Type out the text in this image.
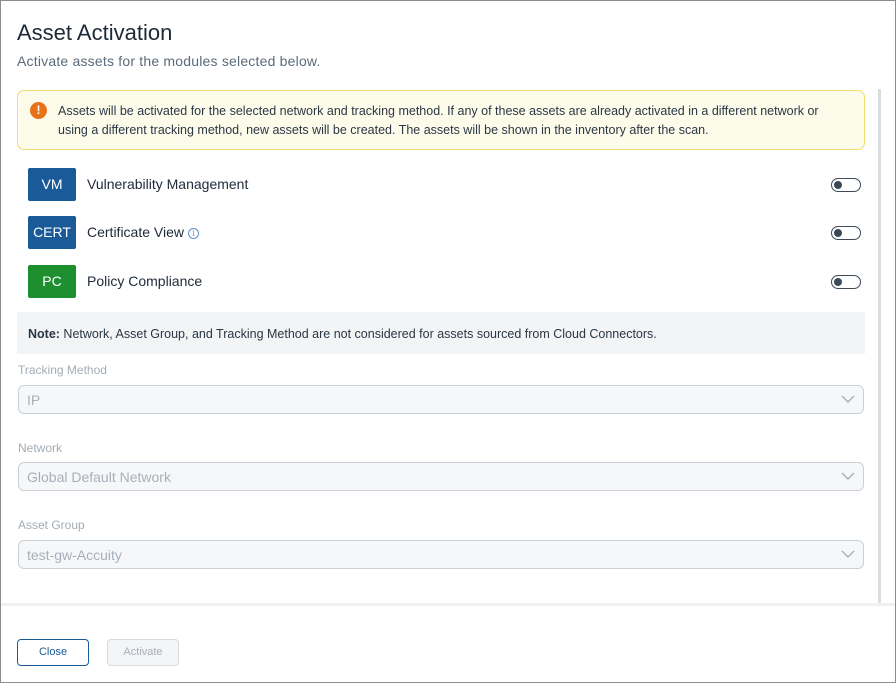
Asset Activation
Activate assets for the modules selected below.
!	Assets will be activated for the selected network and tracking method. If any of these assets are already activated in a different network or using a different tracking method, new assets will be created. The assets will be shown in the inventory after the scan.
VM	Vulnerability Management
CERT	Certificate View i
PC	Policy Compliance
Note: Network, Asset Group, and Tracking Method are not considered for assets sourced from Cloud Connectors.
Tracking Method
IP
Network
Global Default Network
Asset Group
test-gw-Accuity
Close	Activate
